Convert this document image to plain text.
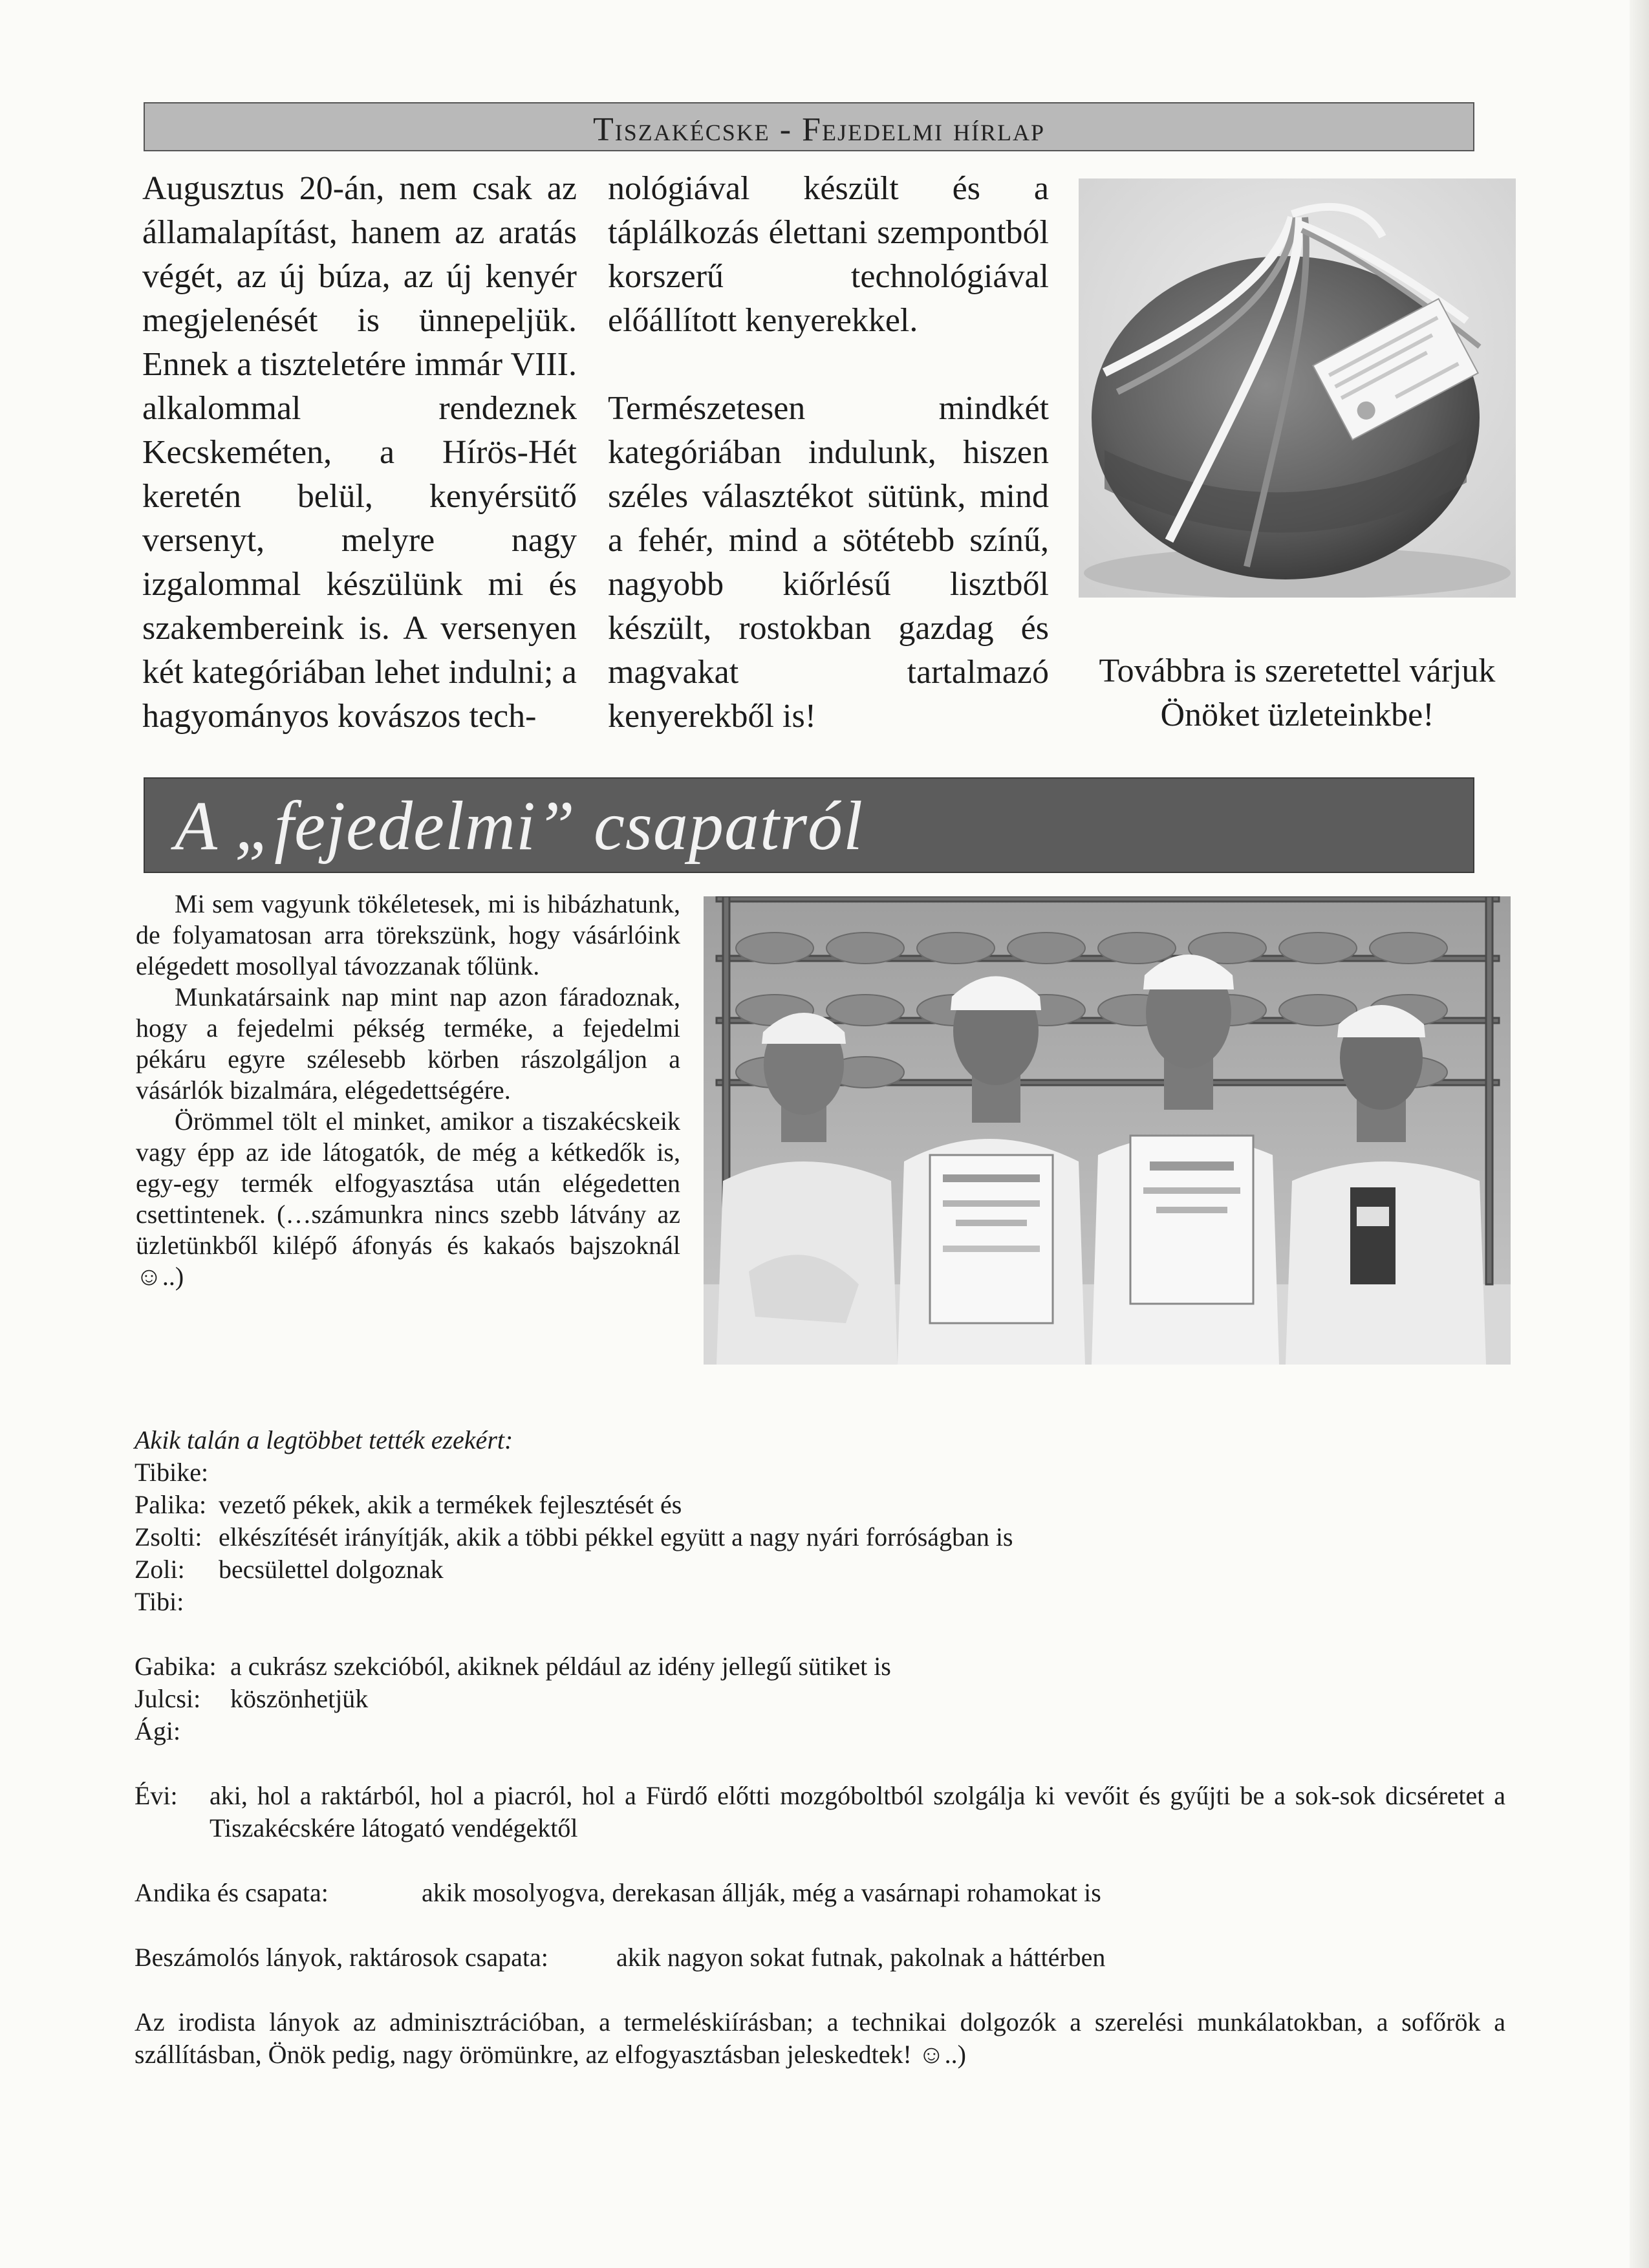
Tiszakécske - Fejedelmi hírlap

Augusztus 20-án, nem csak az államalapítást, hanem az aratás végét, az új búza, az új kenyér megjelenését is ünnepeljük. Ennek a tiszteletére immár VIII. alkalommal rendeznek Kecskeméten, a Hírös-Hét keretén belül, kenyérsütő versenyt, melyre nagy izgalommal készülünk mi és szakembereink is. A versenyen két kategóriában lehet indulni; a hagyományos kovászos tech-

nológiával készült és a táplálkozás élettani szempontból korszerű technológiával előállított kenyerekkel.

Természetesen mindkét kategóriában indulunk, hiszen széles választékot sütünk, mind a fehér, mind a sötétebb színű, nagyobb kiőrlésű lisztből készült, rostokban gazdag és magvakat tartalmazó kenyerekből is!

Továbbra is szeretettel várjuk Önöket üzleteinkbe!
A „fejedelmi” csapatról

Mi sem vagyunk tökéletesek, mi is hibázhatunk, de folyamatosan arra törekszünk, hogy vásárlóink elégedett mosollyal távozzanak tőlünk.

Munkatársaink nap mint nap azon fáradoznak, hogy a fejedelmi pékség terméke, a fejedelmi pékáru egyre szélesebb körben rászolgáljon a vásárlók bizalmára, elégedettségére.

Örömmel tölt el minket, amikor a tiszakécskeik vagy épp az ide látogatók, de még a kétkedők is, egy-egy termék elfogyasztása után elégedetten csettintenek. (…számunkra nincs szebb látvány az üzletünkből kilépő áfonyás és kakaós bajszoknál ☺..)

Akik talán a legtöbbet tették ezekért:
Tibike:
Palika: vezető pékek, akik a termékek fejlesztését és
Zsolti: elkészítését irányítják, akik a többi pékkel együtt a nagy nyári forróságban is
Zoli: becsülettel dolgoznak
Tibi:
Gabika: a cukrász szekcióból, akiknek például az idény jellegű sütiket is
Julcsi: köszönhetjük
Ági:
Évi: aki, hol a raktárból, hol a piacról, hol a Fürdő előtti mozgóboltból szolgálja ki vevőit és gyűjti be a sok-sok dicséretet a Tiszakécskére látogató vendégektől
Andika és csapata:	akik mosolyogva, derekasan állják, még a vasárnapi rohamokat is
Beszámolós lányok, raktárosok csapata:	akik nagyon sokat futnak, pakolnak a háttérben
Az irodista lányok az adminisztrációban, a termeléskiírásban; a technikai dolgozók a szerelési munkálatokban, a sofőrök a szállításban, Önök pedig, nagy örömünkre, az elfogyasztásban jeleskedtek! ☺..)
